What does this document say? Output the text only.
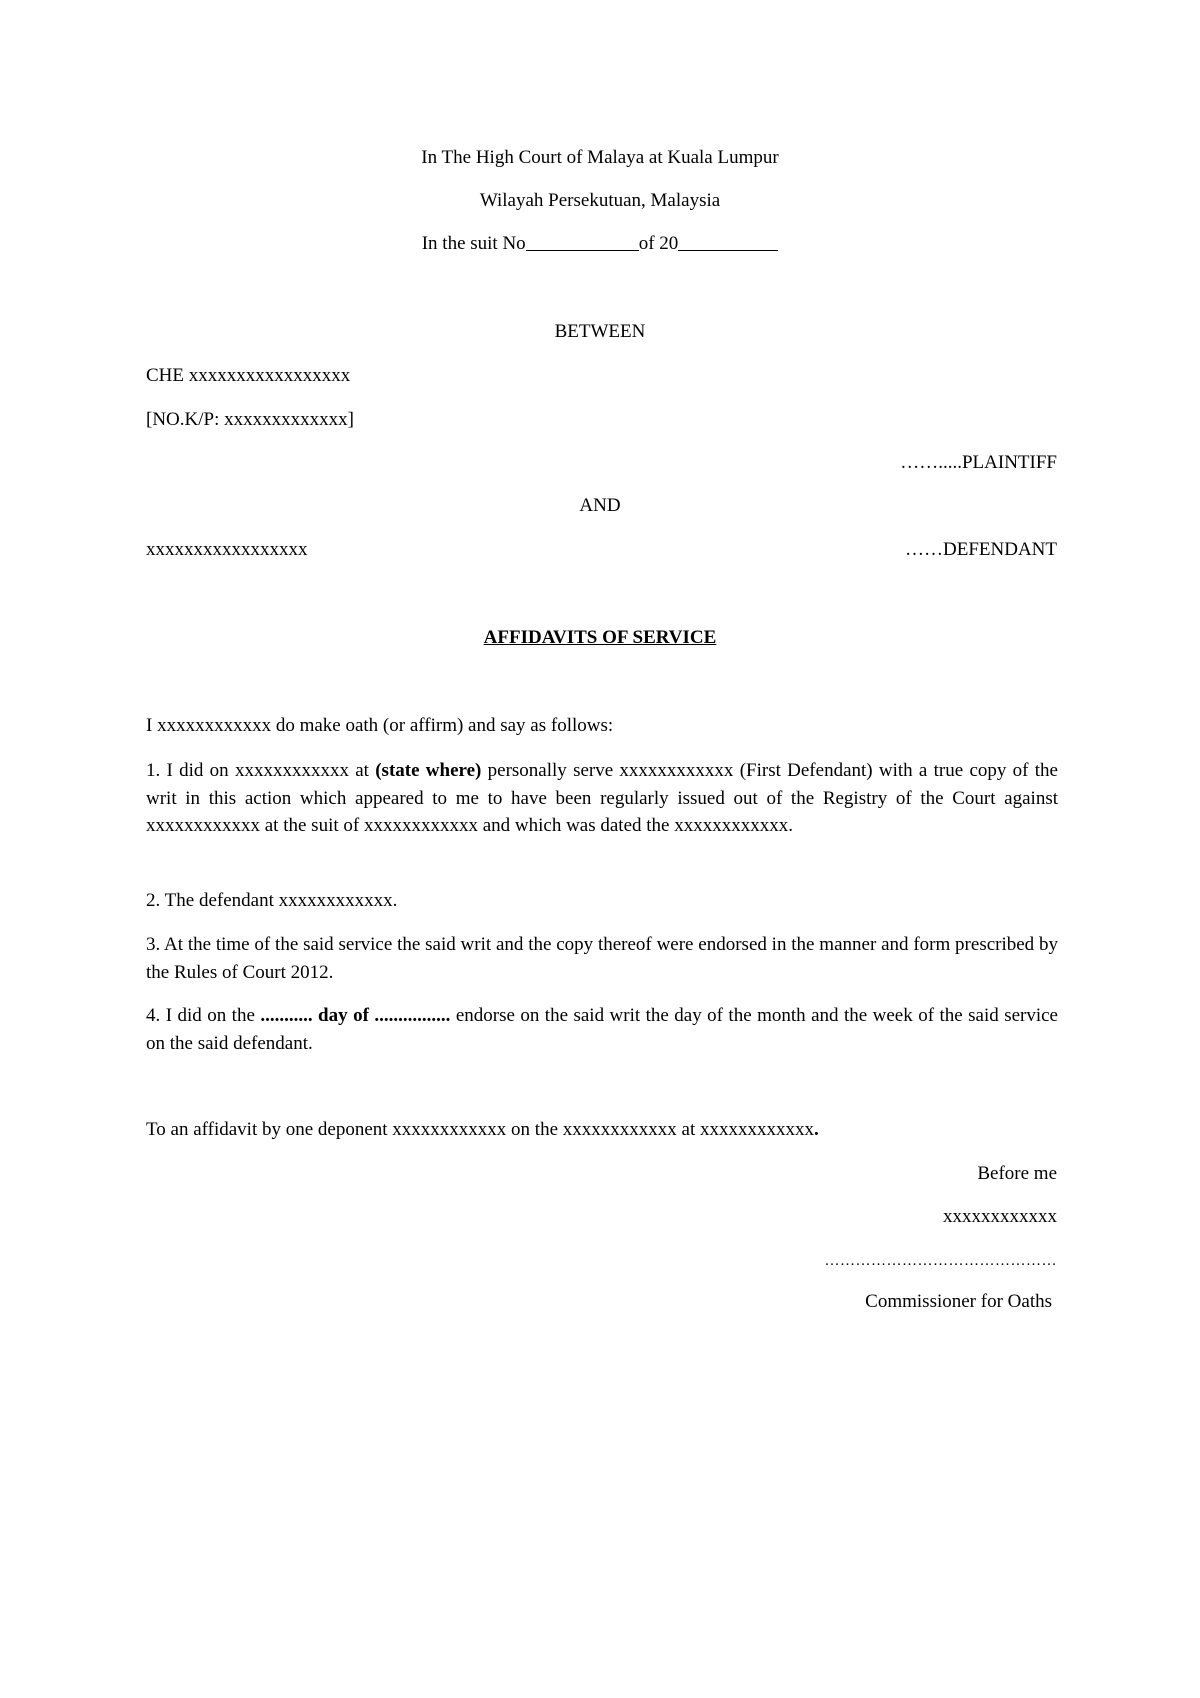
In The High Court of Malaya at Kuala Lumpur
Wilayah Persekutuan, Malaysia
In the suit No	of 20
BETWEEN
CHE xxxxxxxxxxxxxxxxx
[NO.K/P: xxxxxxxxxxxxx]
…….....PLAINTIFF
AND
xxxxxxxxxxxxxxxxx	……DEFENDANT
AFFIDAVITS OF SERVICE
I xxxxxxxxxxxx do make oath (or affirm) and say as follows:
1. I did on xxxxxxxxxxxx at (state where) personally serve xxxxxxxxxxxx (First Defendant) with a true copy of the writ in this action which appeared to me to have been regularly issued out of the Registry of the Court against xxxxxxxxxxxx at the suit of xxxxxxxxxxxx and which was dated the xxxxxxxxxxxx.
2. The defendant xxxxxxxxxxxx.
3. At the time of the said service the said writ and the copy thereof were endorsed in the manner and form prescribed by the Rules of Court 2012.
4. I did on the ........... day of ................ endorse on the said writ the day of the month and the week of the said service on the said defendant.
To an affidavit by one deponent xxxxxxxxxxxx on the xxxxxxxxxxxx at xxxxxxxxxxxx.
Before me
xxxxxxxxxxxx
………………………………………
Commissioner for Oaths
